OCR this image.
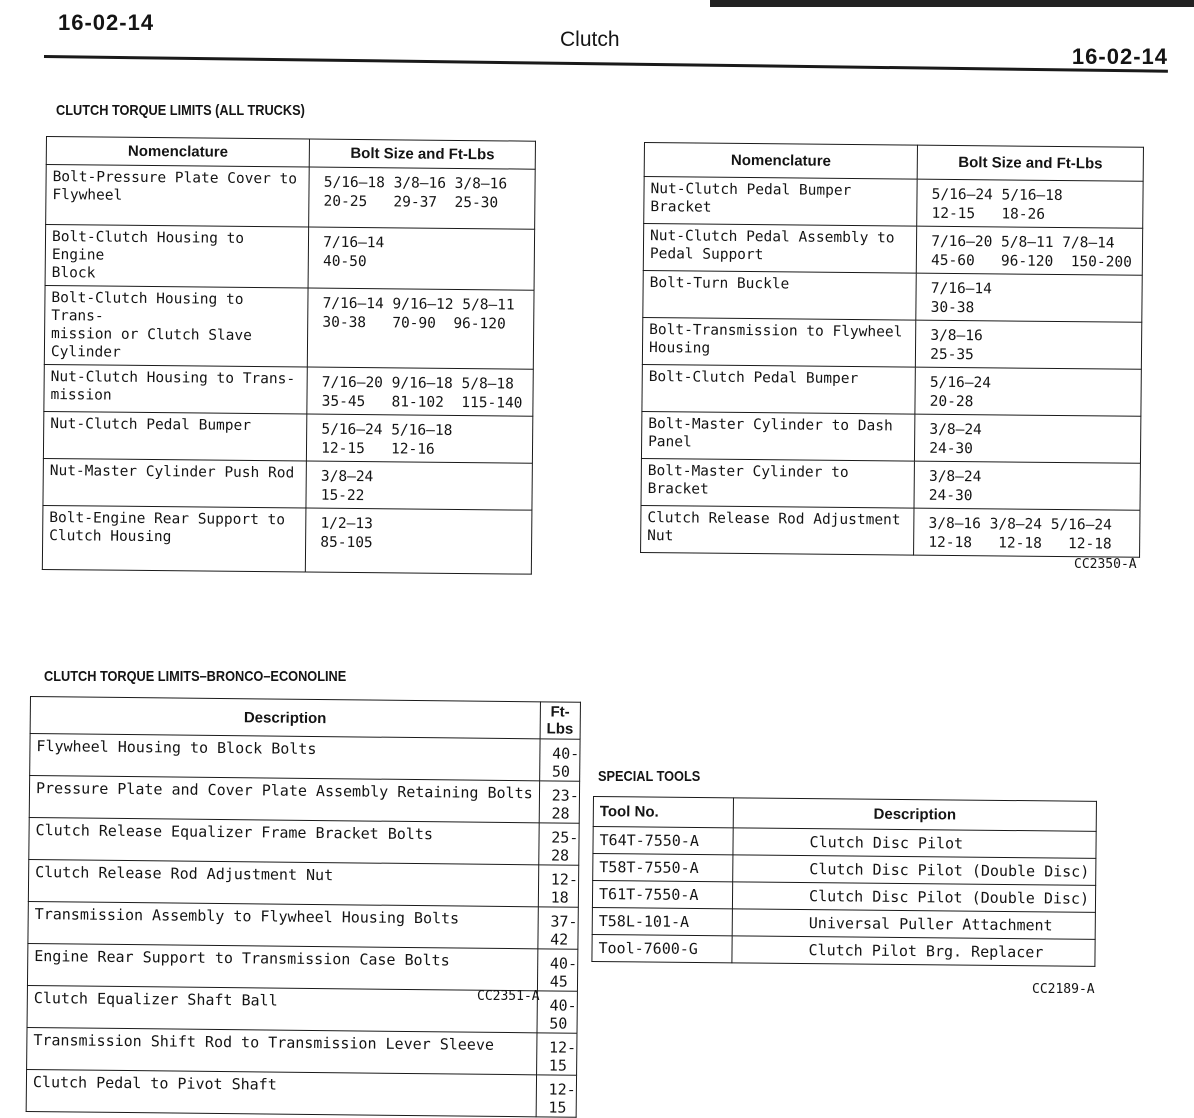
16-02-14
Clutch
16-02-14
CLUTCH TORQUE LIMITS (ALL TRUCKS)
Nomenclature	Bolt Size and Ft-Lbs
Bolt-Pressure Plate Cover to
Flywheel	5/16–18 3/8–16 3/8–16
20-25   29-37  25-30
Bolt-Clutch Housing to Engine
Block	7/16–14
40-50
Bolt-Clutch Housing to Trans-
mission or Clutch Slave Cylinder	7/16–14 9/16–12 5/8–11
30-38   70-90  96-120
Nut-Clutch Housing to Trans-
mission	7/16–20 9/16–18 5/8–18
35-45   81-102  115-140
Nut-Clutch Pedal Bumper	5/16–24 5/16–18
12-15   12-16
Nut-Master Cylinder Push Rod	3/8–24
15-22
Bolt-Engine Rear Support to
Clutch Housing	1/2–13
85-105
Nomenclature	Bolt Size and Ft-Lbs
Nut-Clutch Pedal Bumper Bracket	5/16–24 5/16–18
12-15   18-26
Nut-Clutch Pedal Assembly to
Pedal Support	7/16–20 5/8–11 7/8–14
45-60   96-120  150-200
Bolt-Turn Buckle	7/16–14
30-38
Bolt-Transmission to Flywheel
Housing	3/8–16
25-35
Bolt-Clutch Pedal Bumper	5/16–24
20-28
Bolt-Master Cylinder to Dash
Panel	3/8–24
24-30
Bolt-Master Cylinder to Bracket	3/8–24
24-30
Clutch Release Rod Adjustment Nut	3/8–16 3/8–24 5/16–24
12-18   12-18   12-18
CC2350-A
CLUTCH TORQUE LIMITS–BRONCO–ECONOLINE
Description	Ft-Lbs
Flywheel Housing to Block Bolts	40-50
Pressure Plate and Cover Plate Assembly Retaining Bolts	23-28
Clutch Release Equalizer Frame Bracket Bolts	25-28
Clutch Release Rod Adjustment Nut	12-18
Transmission Assembly to Flywheel Housing Bolts	37-42
Engine Rear Support to Transmission Case Bolts	40-45
Clutch Equalizer Shaft Ball	40-50
Transmission Shift Rod to Transmission Lever Sleeve	12-15
Clutch Pedal to Pivot Shaft	12-15
CC2351-A
SPECIAL TOOLS
Tool No.	Description
T64T-7550-A	Clutch Disc Pilot
T58T-7550-A	Clutch Disc Pilot (Double Disc)
T61T-7550-A	Clutch Disc Pilot (Double Disc)
T58L-101-A	Universal Puller Attachment
Tool-7600-G	Clutch Pilot Brg. Replacer
CC2189-A
